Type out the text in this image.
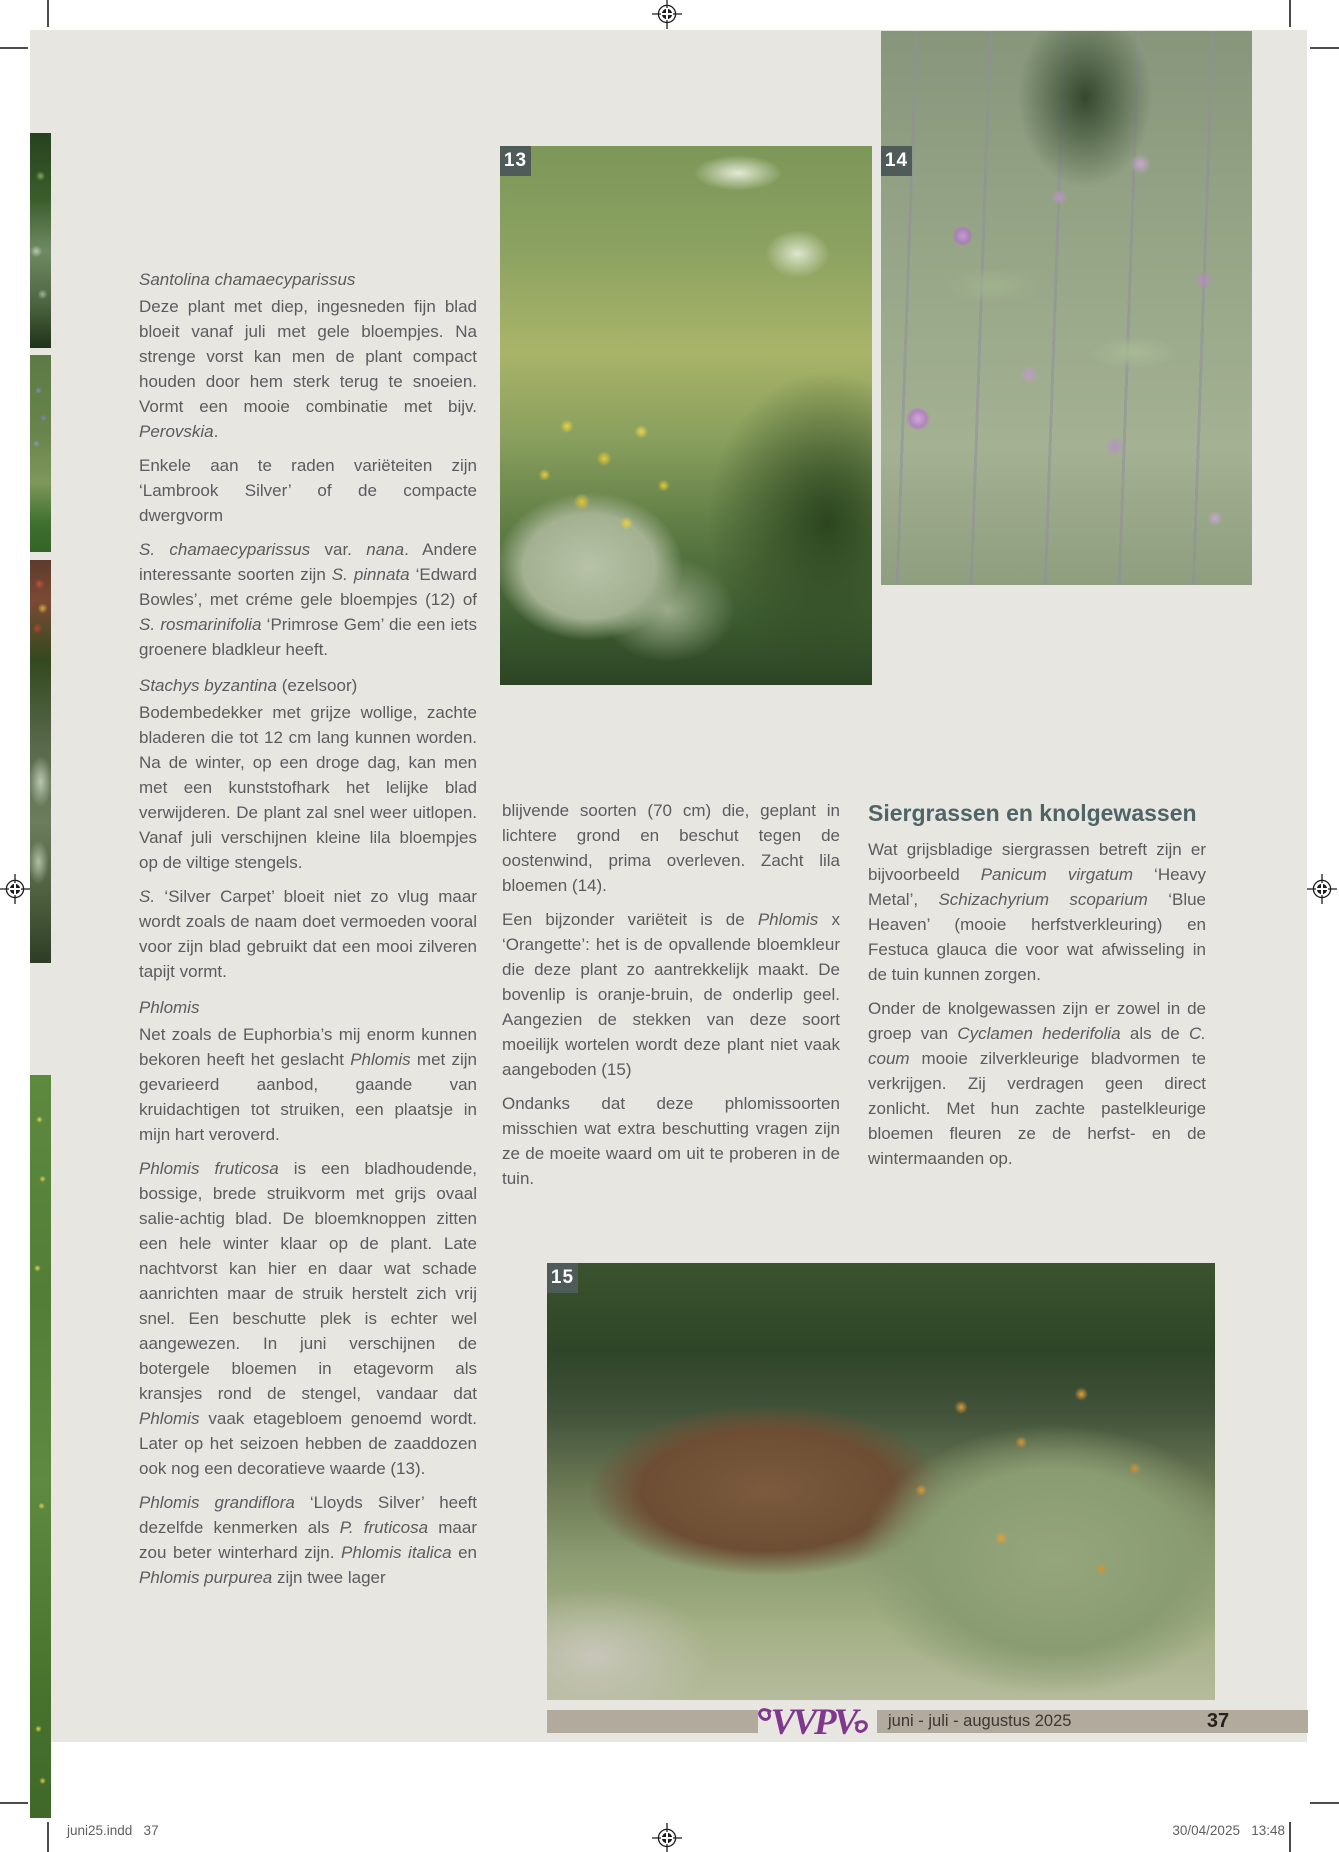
13	14
15

Santolina chamaecyparissus

Deze plant met diep, ingesneden fijn blad bloeit vanaf juli met gele bloempjes. Na strenge vorst kan men de plant compact houden door hem sterk terug te snoeien. Vormt een mooie combinatie met bijv. Perovskia.

Enkele aan te raden variëteiten zijn ‘Lambrook Silver’ of de compacte dwergvorm

S. chamaecyparissus var. nana. Andere interessante soorten zijn S. pinnata ‘Edward Bowles’, met créme gele bloempjes (12) of S. rosmarinifolia ‘Primrose Gem’ die een iets groenere bladkleur heeft.

Stachys byzantina (ezelsoor)

Bodembedekker met grijze wollige, zachte bladeren die tot 12 cm lang kunnen worden. Na de winter, op een droge dag, kan men met een kunststofhark het lelijke blad verwijderen. De plant zal snel weer uitlopen. Vanaf juli verschijnen kleine lila bloempjes op de viltige stengels.

S. ‘Silver Carpet’ bloeit niet zo vlug maar wordt zoals de naam doet vermoeden vooral voor zijn blad gebruikt dat een mooi zilveren tapijt vormt.

Phlomis

Net zoals de Euphorbia’s mij enorm kunnen bekoren heeft het geslacht Phlomis met zijn gevarieerd aanbod, gaande van kruidachtigen tot struiken, een plaatsje in mijn hart veroverd.

Phlomis fruticosa is een bladhoudende, bossige, brede struikvorm met grijs ovaal salie-achtig blad. De bloemknoppen zitten een hele winter klaar op de plant. Late nachtvorst kan hier en daar wat schade aanrichten maar de struik herstelt zich vrij snel. Een beschutte plek is echter wel aangewezen. In juni verschijnen de botergele bloemen in etagevorm als kransjes rond de stengel, vandaar dat Phlomis vaak etagebloem genoemd wordt. Later op het seizoen hebben de zaaddozen ook nog een decoratieve waarde (13).

Phlomis grandiflora ‘Lloyds Silver’ heeft dezelfde kenmerken als P. fruticosa maar zou beter winterhard zijn. Phlomis italica en Phlomis purpurea zijn twee lager

blijvende soorten (70 cm) die, geplant in lichtere grond en beschut tegen de oostenwind, prima overleven. Zacht lila bloemen (14).

Een bijzonder variëteit is de Phlomis x ‘Orangette’: het is de opvallende bloemkleur die deze plant zo aantrekkelijk maakt. De bovenlip is oranje-bruin, de onderlip geel. Aangezien de stekken van deze soort moeilijk wortelen wordt deze plant niet vaak aangeboden (15)

Ondanks dat deze phlomissoorten misschien wat extra beschutting vragen zijn ze de moeite waard om uit te proberen in de tuin.

Siergrassen en knolgewassen

Wat grijsbladige siergrassen betreft zijn er bijvoorbeeld Panicum virgatum ‘Heavy Metal’, Schizachyrium scoparium ‘Blue Heaven’ (mooie herfstverkleuring) en Festuca glauca die voor wat afwisseling in de tuin kunnen zorgen.

Onder de knolgewassen zijn er zowel in de groep van Cyclamen hederifolia als de C. coum mooie zilverkleurige bladvormen te verkrijgen. Zij verdragen geen direct zonlicht. Met hun zachte pastelkleurige bloemen fleuren ze de herfst- en de wintermaanden op.

VVPV	juni - juli - augustus 2025	37
juni25.indd   37	30/04/2025   13:48
